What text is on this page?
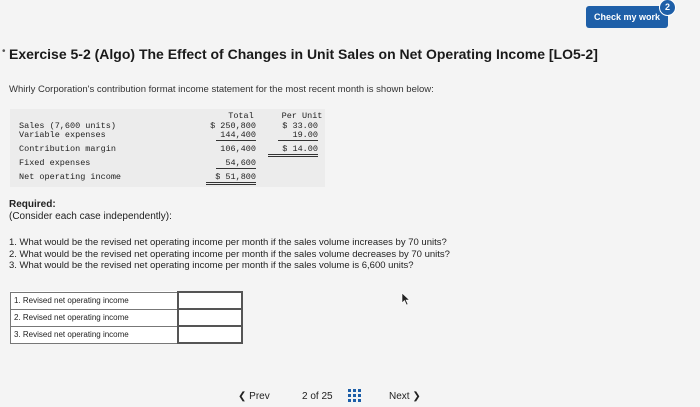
Check my work
2
• Exercise 5-2 (Algo) The Effect of Changes in Unit Sales on Net Operating Income [LO5-2]
Whirly Corporation's contribution format income statement for the most recent month is shown below:
Total	Per Unit
Sales (7,600 units)	$ 250,800	$ 33.00
Variable expenses	144,400	19.00
Contribution margin	106,400	$ 14.00
Fixed expenses	54,600
Net operating income	$ 51,800
Required:
(Consider each case independently):
1. What would be the revised net operating income per month if the sales volume increases by 70 units?
2. What would be the revised net operating income per month if the sales volume decreases by 70 units?
3. What would be the revised net operating income per month if the sales volume is 6,600 units?
1. Revised net operating income	
2. Revised net operating income	
3. Revised net operating income	
❮ Prev	2 of 25	Next ❯
